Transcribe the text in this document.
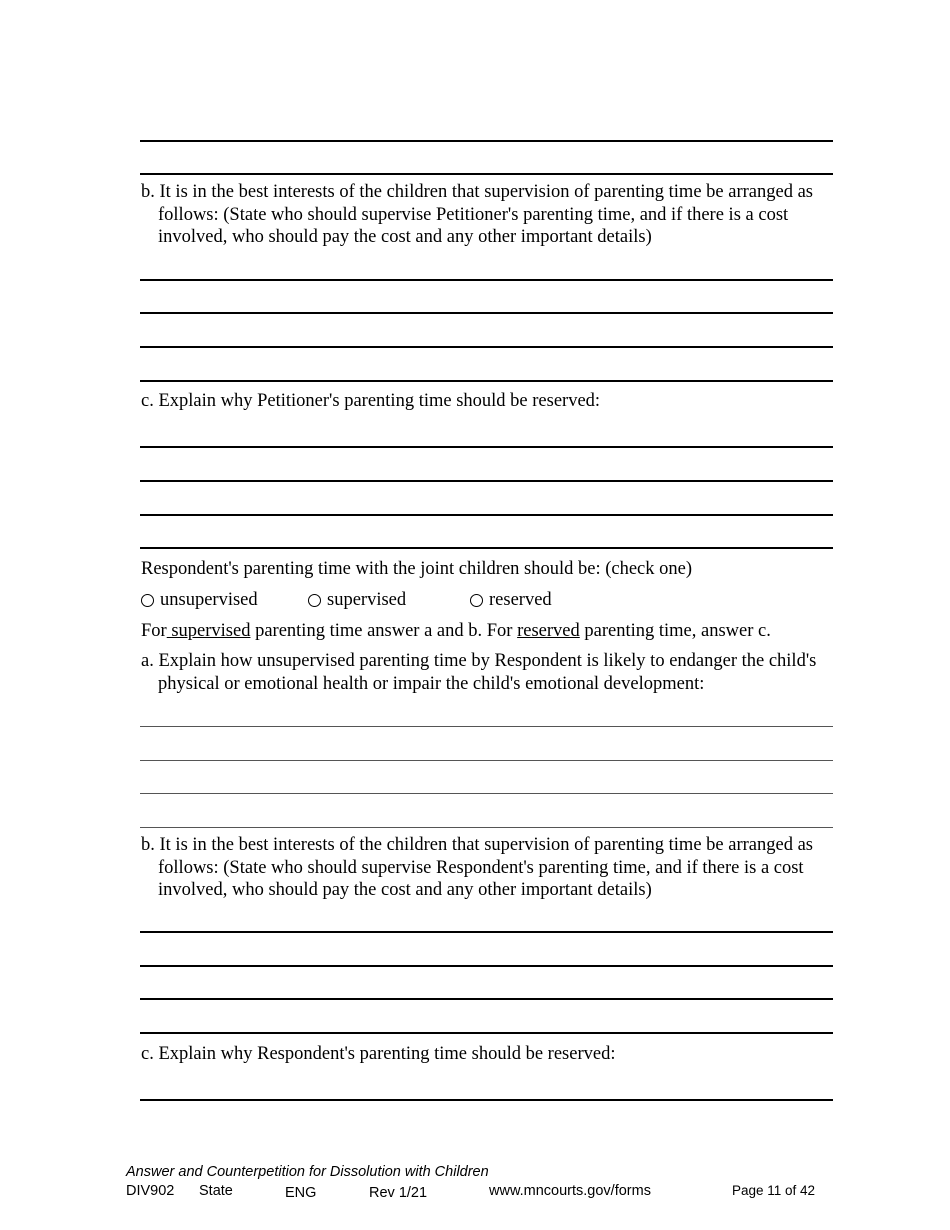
b. It is in the best interests of the children that supervision of parenting time be arranged as
follows: (State who should supervise Petitioner's parenting time, and if there is a cost
involved, who should pay the cost and any other important details)
c. Explain why Petitioner's parenting time should be reserved:
Respondent's parenting time with the joint children should be: (check one)
unsupervised	supervised	reserved
For supervised parenting time answer a and b. For reserved parenting time, answer c.
a. Explain how unsupervised parenting time by Respondent is likely to endanger the child's
physical or emotional health or impair the child's emotional development:
b. It is in the best interests of the children that supervision of parenting time be arranged as
follows: (State who should supervise Respondent's parenting time, and if there is a cost
involved, who should pay the cost and any other important details)
c. Explain why Respondent's parenting time should be reserved:
Answer and Counterpetition for Dissolution with Children
DIV902 State	ENG	Rev 1/21	www.mncourts.gov/forms	Page 11 of 42
